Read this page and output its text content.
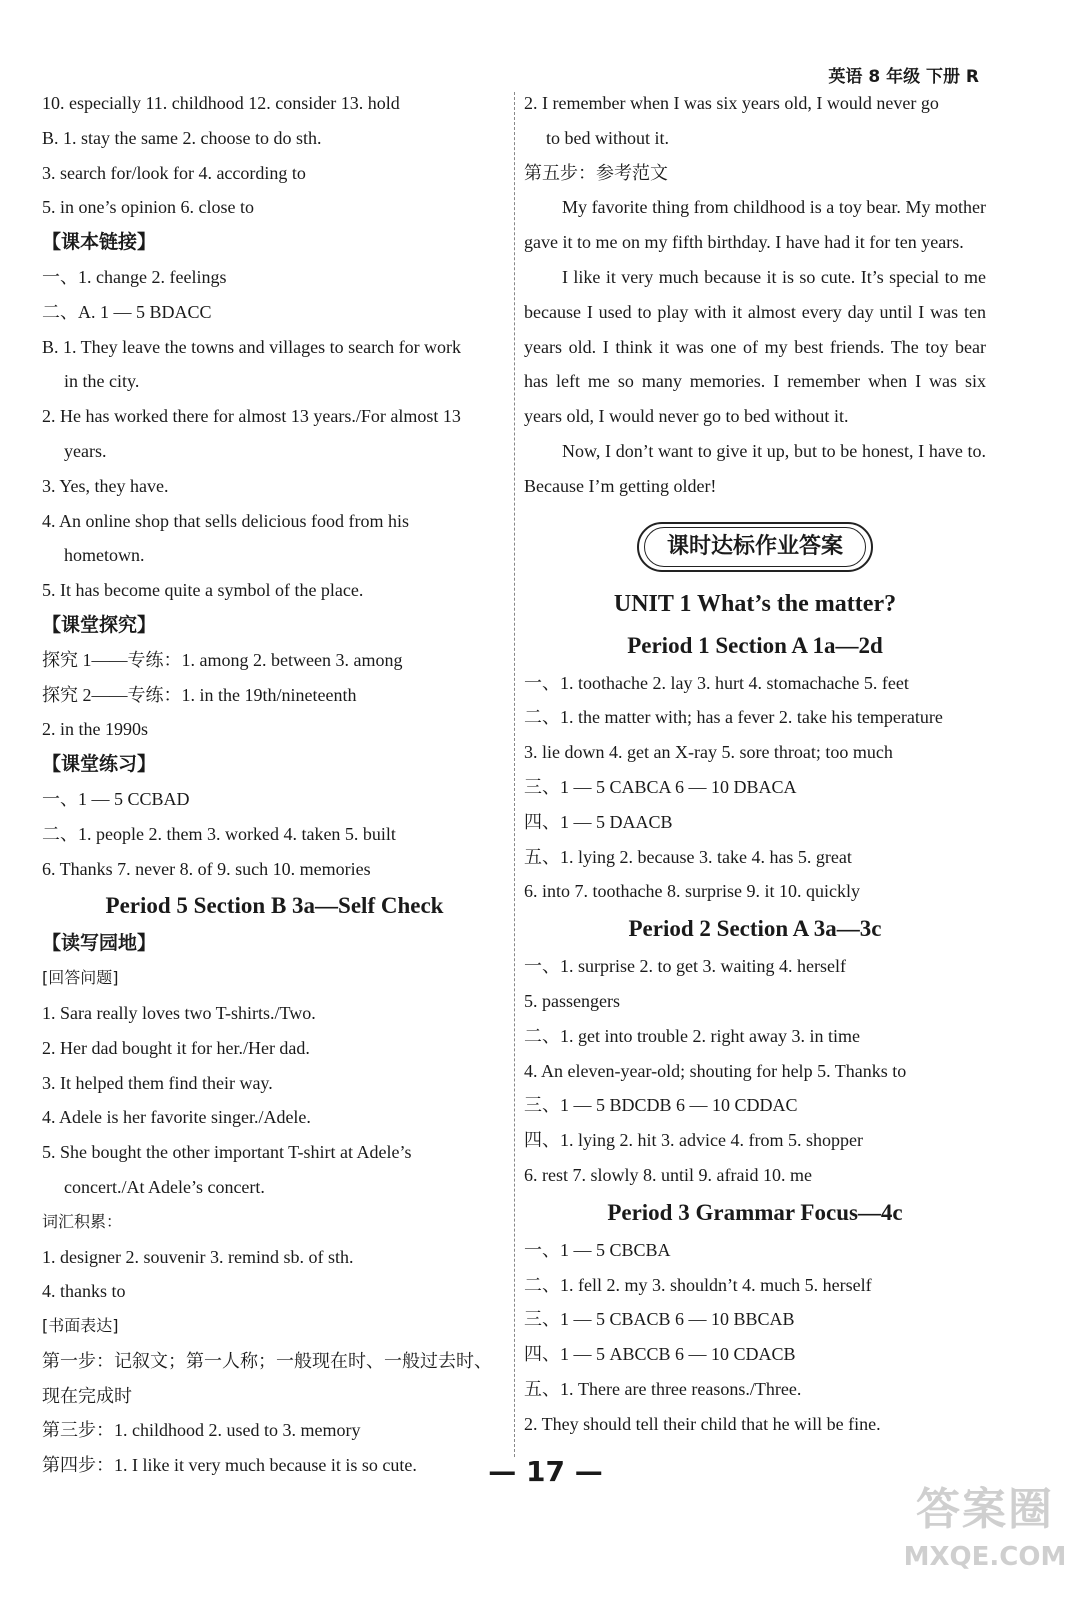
英语 8 年级 下册 R
10. especially 11. childhood 12. consider 13. hold
B. 1. stay the same 2. choose to do sth.
3. search for/look for 4. according to
5. in one’s opinion 6. close to
【课本链接】
一、1. change 2. feelings
二、A. 1 — 5 BDACC
B. 1. They leave the towns and villages to search for work
in the city.
2. He has worked there for almost 13 years./For almost 13
years.
3. Yes, they have.
4. An online shop that sells delicious food from his
hometown.
5. It has become quite a symbol of the place.
【课堂探究】
探究 1——专练：1. among 2. between 3. among
探究 2——专练：1. in the 19th/nineteenth
2. in the 1990s
【课堂练习】
一、1 — 5 CCBAD
二、1. people 2. them 3. worked 4. taken 5. built
6. Thanks 7. never 8. of 9. such 10. memories
Period 5 Section B 3a—Self Check
【读写园地】
[回答问题]
1. Sara really loves two T-shirts./Two.
2. Her dad bought it for her./Her dad.
3. It helped them find their way.
4. Adele is her favorite singer./Adele.
5. She bought the other important T-shirt at Adele’s
concert./At Adele’s concert.
词汇积累：
1. designer 2. souvenir 3. remind sb. of sth.
4. thanks to
[书面表达]
第一步：记叙文；第一人称；一般现在时、一般过去时、
现在完成时
第三步：1. childhood 2. used to 3. memory
第四步：1. I like it very much because it is so cute.
2. I remember when I was six years old, I would never go
to bed without it.
第五步：参考范文
My favorite thing from childhood is a toy bear. My mother gave it to me on my fifth birthday. I have had it for ten years.
I like it very much because it is so cute. It’s special to me because I used to play with it almost every day until I was ten years old. I think it was one of my best friends. The toy bear has left me so many memories. I remember when I was six years old, I would never go to bed without it.
Now, I don’t want to give it up, but to be honest, I have to. Because I’m getting older!
课时达标作业答案
UNIT 1 What’s the matter?
Period 1 Section A 1a—2d
一、1. toothache 2. lay 3. hurt 4. stomachache 5. feet
二、1. the matter with; has a fever 2. take his temperature
3. lie down 4. get an X-ray 5. sore throat; too much
三、1 — 5 CABCA 6 — 10 DBACA
四、1 — 5 DAACB
五、1. lying 2. because 3. take 4. has 5. great
6. into 7. toothache 8. surprise 9. it 10. quickly
Period 2 Section A 3a—3c
一、1. surprise 2. to get 3. waiting 4. herself
5. passengers
二、1. get into trouble 2. right away 3. in time
4. An eleven-year-old; shouting for help 5. Thanks to
三、1 — 5 BDCDB 6 — 10 CDDAC
四、1. lying 2. hit 3. advice 4. from 5. shopper
6. rest 7. slowly 8. until 9. afraid 10. me
Period 3 Grammar Focus—4c
一、1 — 5 CBCBA
二、1. fell 2. my 3. shouldn’t 4. much 5. herself
三、1 — 5 CBACB 6 — 10 BBCAB
四、1 — 5 ABCCB 6 — 10 CDACB
五、1. There are three reasons./Three.
2. They should tell their child that he will be fine.
— 17 —
答案圈
MXQE.COM
